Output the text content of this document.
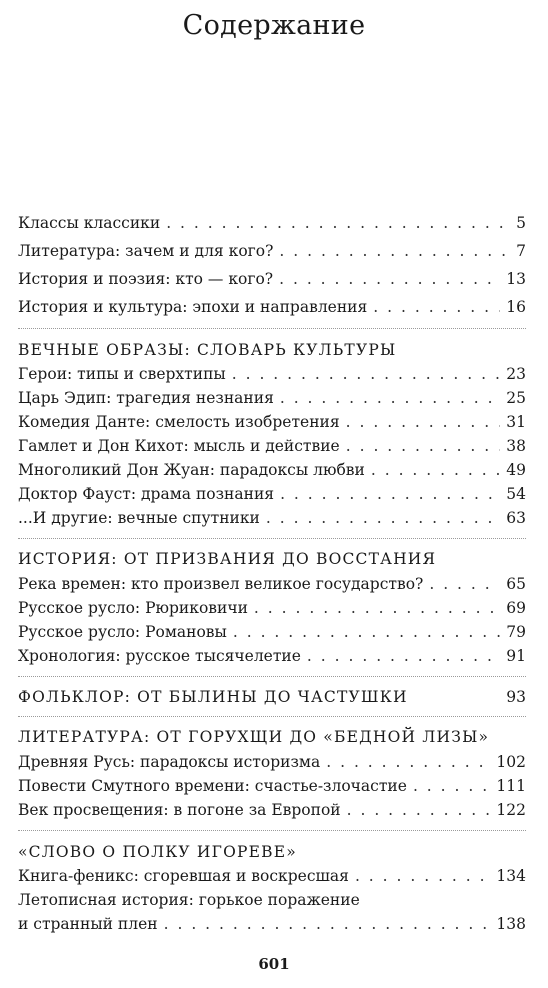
Содержание
Классы классики . . .	5
Литература: зачем и для кого? . . .	7
История и поэзия: кто — кого? . . .	13
История и культура: эпохи и направления . . .	16
ВЕЧНЫЕ ОБРАЗЫ: СЛОВАРЬ КУЛЬТУРЫ
Герои: типы и сверхтипы . . .	23
Царь Эдип: трагедия незнания . . .	25
Комедия Данте: смелость изобретения . . .	31
Гамлет и Дон Кихот: мысль и действие . . .	38
Многоликий Дон Жуан: парадоксы любви . . .	49
Доктор Фауст: драма познания . . .	54
...И другие: вечные спутники . . .	63
ИСТОРИЯ: ОТ ПРИЗВАНИЯ ДО ВОССТАНИЯ
Река времен: кто произвел великое государство? . . .	65
Русское русло: Рюриковичи . . .	69
Русское русло: Романовы . . .	79
Хронология: русское тысячелетие . . .	91
ФОЛЬКЛОР: ОТ БЫЛИНЫ ДО ЧАСТУШКИ	93
ЛИТЕРАТУРА: ОТ ГОРУХЩИ ДО «БЕДНОЙ ЛИЗЫ»
Древняя Русь: парадоксы историзма . . .	102
Повести Смутного времени: счастье-злочастие . . .	111
Век просвещения: в погоне за Европой . . .	122
«СЛОВО О ПОЛКУ ИГОРЕВЕ»
Книга-феникс: сгоревшая и воскресшая . . .	134
Летописная история: горькое поражение
и странный плен . . .	138
601
